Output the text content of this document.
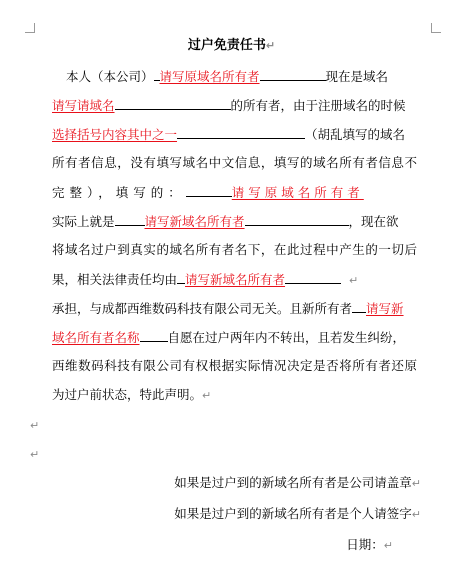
过户免责任书↵
本人（本公司） 请写原域名所有者	现在是域名
请写请域名	的所有者，由于注册域名的时候
选择括号内容其中之一	（胡乱填写的域名
所有者信息，没有填写域名中文信息，填写的域名所有者信息不
完整），填写的：	请写原域名所有者
实际上就是 请写新域名所有者	，现在欲
将域名过户到真实的域名所有者名下，在此过程中产生的一切后
果，相关法律责任均由 请写新域名所有者	↵
承担，与成都西维数码科技有限公司无关。且新所有者 请写新
域名所有者名称 自愿在过户两年内不转出，且若发生纠纷，
西维数码科技有限公司有权根据实际情况决定是否将所有者还原
为过户前状态，特此声明。↵
↵
↵
如果是过户到的新域名所有者是公司请盖章↵
如果是过户到的新域名所有者是个人请签字↵
日期：↵
